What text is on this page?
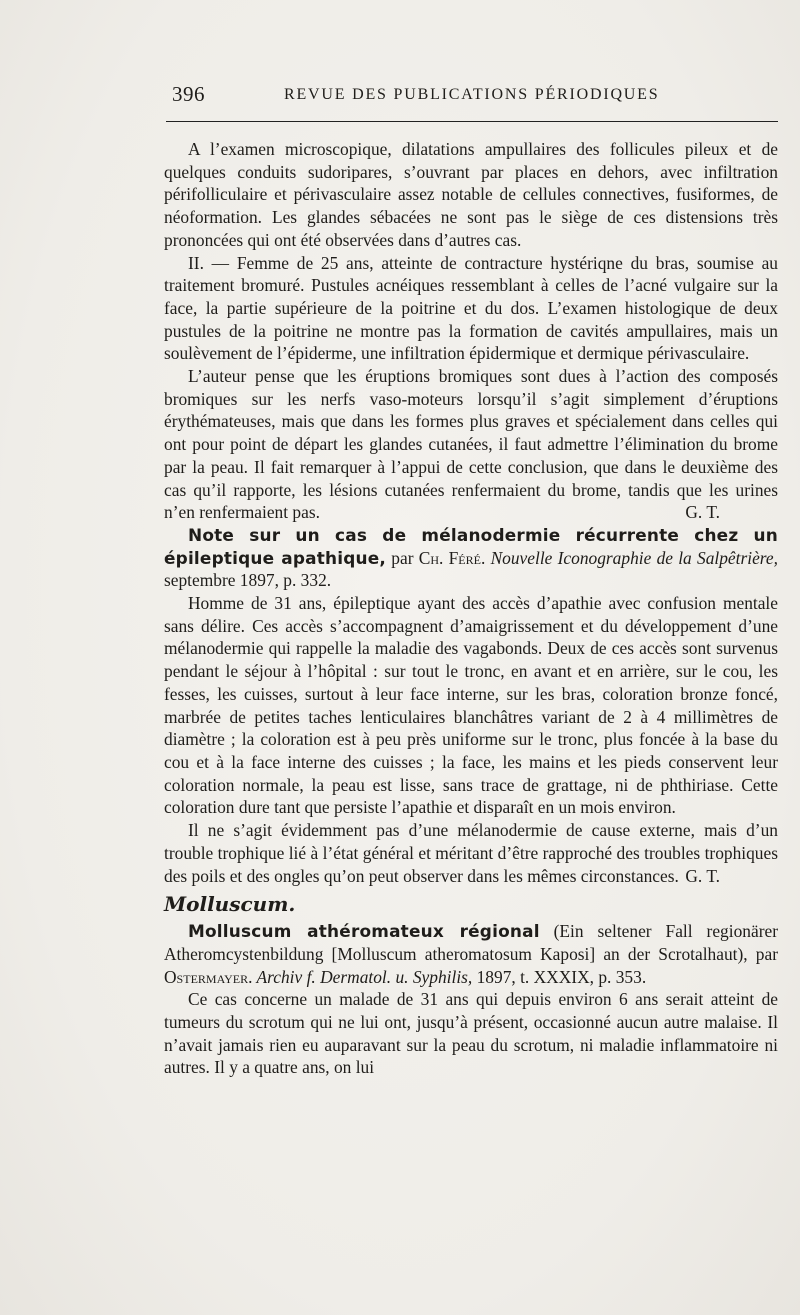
396	REVUE DES PUBLICATIONS PÉRIODIQUES

A l’examen microscopique, dilatations ampullaires des follicules pileux et de quelques conduits sudoripares, s’ouvrant par places en dehors, avec infiltration périfolliculaire et périvasculaire assez notable de cellules connectives, fusiformes, de néoformation. Les glandes sébacées ne sont pas le siège de ces distensions très prononcées qui ont été observées dans d’autres cas.

II. — Femme de 25 ans, atteinte de contracture hystériqne du bras, soumise au traitement bromuré. Pustules acnéiques ressemblant à celles de l’acné vulgaire sur la face, la partie supérieure de la poitrine et du dos. L’examen histologique de deux pustules de la poitrine ne montre pas la formation de cavités ampullaires, mais un soulèvement de l’épiderme, une infiltration épidermique et dermique périvasculaire.

L’auteur pense que les éruptions bromiques sont dues à l’action des composés bromiques sur les nerfs vaso-moteurs lorsqu’il s’agit simplement d’éruptions érythémateuses, mais que dans les formes plus graves et spécialement dans celles qui ont pour point de départ les glandes cutanées, il faut admettre l’élimination du brome par la peau. Il fait remarquer à l’appui de cette conclusion, que dans le deuxième des cas qu’il rapporte, les lésions cutanées renfermaient du brome, tandis que les urines n’en renfermaient pas.	G. T.

Note sur un cas de mélanodermie récurrente chez un épileptique apathique, par Ch. Féré. Nouvelle Iconographie de la Salpêtrière, septembre 1897, p. 332.

Homme de 31 ans, épileptique ayant des accès d’apathie avec confusion mentale sans délire. Ces accès s’accompagnent d’amaigrissement et du développement d’une mélanodermie qui rappelle la maladie des vagabonds. Deux de ces accès sont survenus pendant le séjour à l’hôpital : sur tout le tronc, en avant et en arrière, sur le cou, les fesses, les cuisses, surtout à leur face interne, sur les bras, coloration bronze foncé, marbrée de petites taches lenticulaires blanchâtres variant de 2 à 4 millimètres de diamètre ; la coloration est à peu près uniforme sur le tronc, plus foncée à la base du cou et à la face interne des cuisses ; la face, les mains et les pieds conservent leur coloration normale, la peau est lisse, sans trace de grattage, ni de phthiriase. Cette coloration dure tant que persiste l’apathie et disparaît en un mois environ.

Il ne s’agit évidemment pas d’une mélanodermie de cause externe, mais d’un trouble trophique lié à l’état général et méritant d’être rapproché des troubles trophiques des poils et des ongles qu’on peut observer dans les mêmes circonstances. G. T.
Molluscum.

Molluscum athéromateux régional (Ein seltener Fall regionärer Atheromcystenbildung [Molluscum atheromatosum Kaposi] an der Scrotalhaut), par Ostermayer. Archiv f. Dermatol. u. Syphilis, 1897, t. XXXIX, p. 353.

Ce cas concerne un malade de 31 ans qui depuis environ 6 ans serait atteint de tumeurs du scrotum qui ne lui ont, jusqu’à présent, occasionné aucun autre malaise. Il n’avait jamais rien eu auparavant sur la peau du scrotum, ni maladie inflammatoire ni autres. Il y a quatre ans, on lui
